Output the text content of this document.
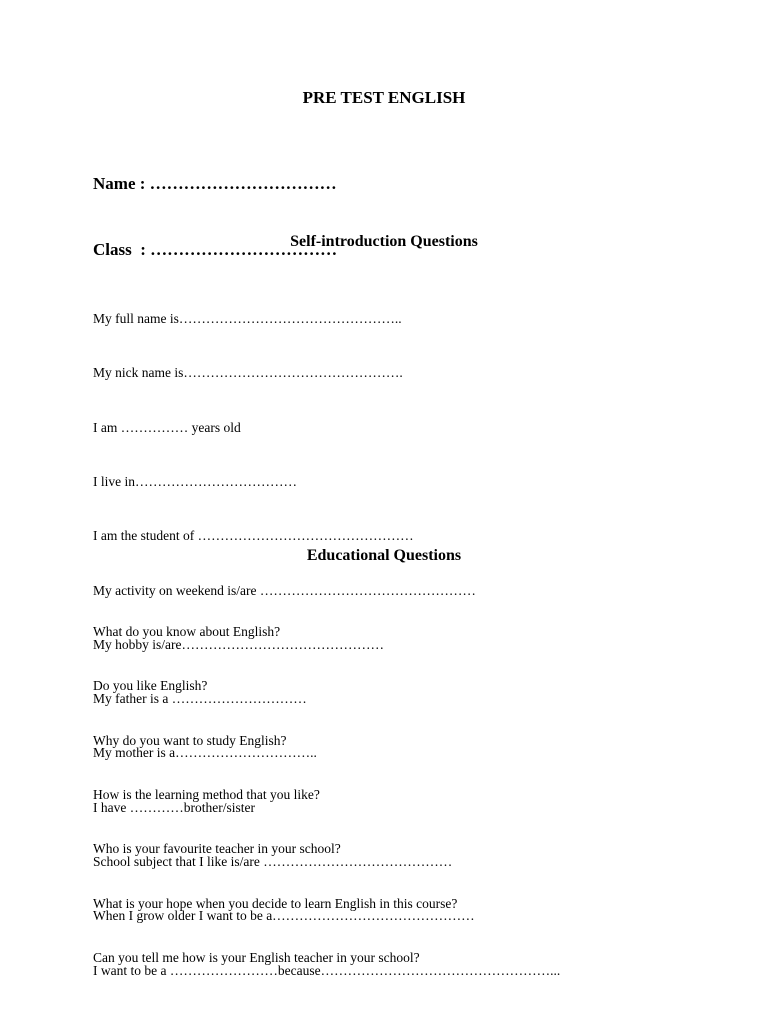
PRE TEST ENGLISH

Name : ……………………………

Class  : ……………………………

Self-introduction Questions

My full name is…………………………………………..

My nick name is………………………………………….

I am …………… years old

I live in………………………………

I am the student of …………………………………………

My activity on weekend is/are …………………………………………

My hobby is/are………………………………………

My father is a …………………………

My mother is a…………………………..

I have …………brother/sister

School subject that I like is/are ……………………………………

When I grow older I want to be a………………………………………

I want to be a ……………………because……………………………………………...

Educational Questions

What do you know about English?

Do you like English?

Why do you want to study English?

How is the learning method that you like?

Who is your favourite teacher in your school?

What is your hope when you decide to learn English in this course?

Can you tell me how is your English teacher in your school?
